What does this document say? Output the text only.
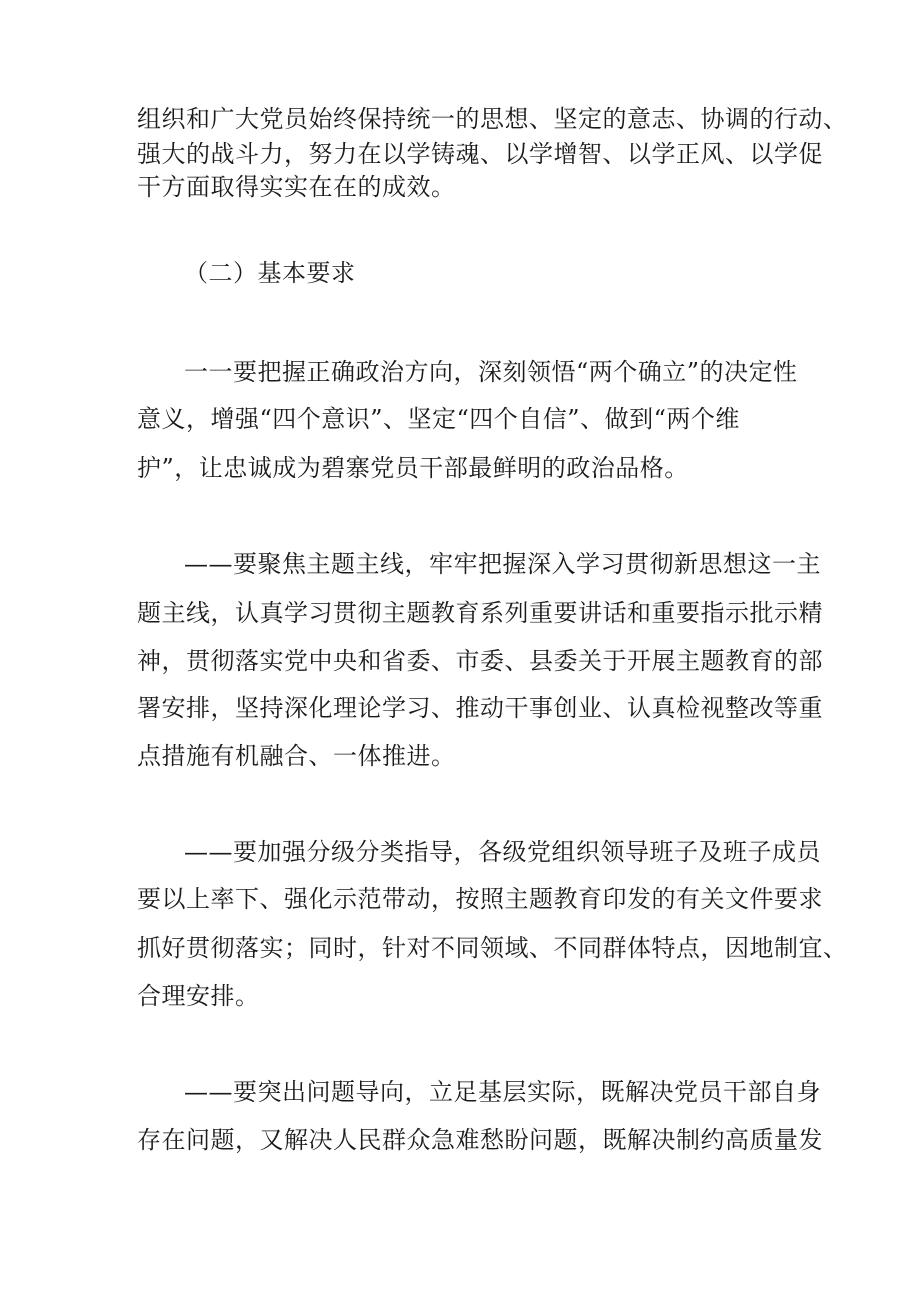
组织和广大党员始终保持统一的思想、坚定的意志、协调的行动、
强大的战斗力，努力在以学铸魂、以学增智、以学正风、以学促
干方面取得实实在在的成效。
（二）基本要求
一一要把握正确政治方向，深刻领悟“两个确立”的决定性
意义，增强“四个意识”、坚定“四个自信”、做到“两个维
护”，让忠诚成为碧寨党员干部最鲜明的政治品格。
——要聚焦主题主线，牢牢把握深入学习贯彻新思想这一主
题主线，认真学习贯彻主题教育系列重要讲话和重要指示批示精
神，贯彻落实党中央和省委、市委、县委关于开展主题教育的部
署安排，坚持深化理论学习、推动干事创业、认真检视整改等重
点措施有机融合、一体推进。
——要加强分级分类指导，各级党组织领导班子及班子成员
要以上率下、强化示范带动，按照主题教育印发的有关文件要求
抓好贯彻落实；同时，针对不同领域、不同群体特点，因地制宜、
合理安排。
——要突出问题导向，立足基层实际，既解决党员干部自身
存在问题，又解决人民群众急难愁盼问题，既解决制约高质量发
